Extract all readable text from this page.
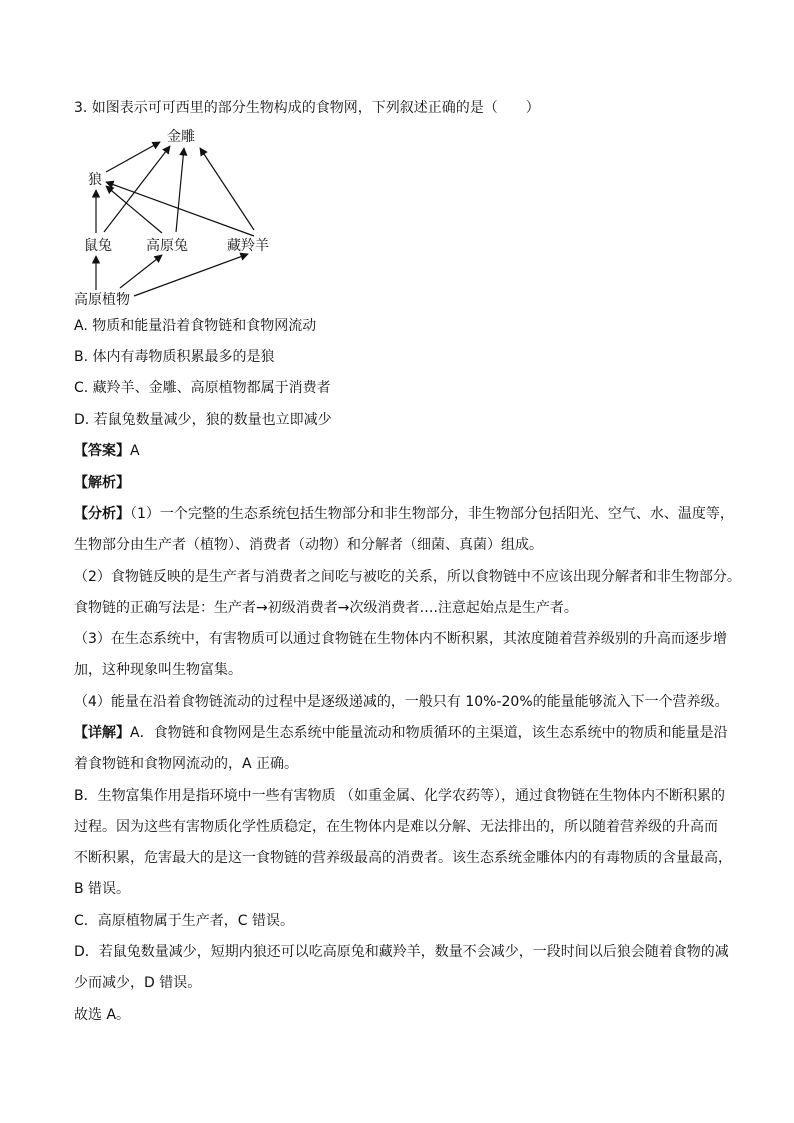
3. 如图表示可可西里的部分生物构成的食物网，下列叙述正确的是（　　）
金雕
狼
鼠兔 高原兔	藏羚羊
高原植物
A. 物质和能量沿着食物链和食物网流动
B. 体内有毒物质积累最多的是狼
C. 藏羚羊、金雕、高原植物都属于消费者
D. 若鼠兔数量减少，狼的数量也立即减少
【答案】A
【解析】
【分析】（1）一个完整的生态系统包括生物部分和非生物部分，非生物部分包括阳光、空气、水、温度等，
生物部分由生产者（植物）、消费者（动物）和分解者（细菌、真菌）组成。
（2）食物链反映的是生产者与消费者之间吃与被吃的关系，所以食物链中不应该出现分解者和非生物部分。
食物链的正确写法是：生产者→初级消费者→次级消费者….注意起始点是生产者。
（3）在生态系统中，有害物质可以通过食物链在生物体内不断积累，其浓度随着营养级别的升高而逐步增
加，这种现象叫生物富集。
（4）能量在沿着食物链流动的过程中是逐级递减的，一般只有 10%-20%的能量能够流入下一个营养级。
【详解】A．食物链和食物网是生态系统中能量流动和物质循环的主渠道，该生态系统中的物质和能量是沿
着食物链和食物网流动的，A 正确。
B．生物富集作用是指环境中一些有害物质 （如重金属、化学农药等），通过食物链在生物体内不断积累的
过程。因为这些有害物质化学性质稳定，在生物体内是难以分解、无法排出的，所以随着营养级的升高而
不断积累，危害最大的是这一食物链的营养级最高的消费者。该生态系统金雕体内的有毒物质的含量最高，
B 错误。
C．高原植物属于生产者，C 错误。
D．若鼠兔数量减少，短期内狼还可以吃高原兔和藏羚羊，数量不会减少，一段时间以后狼会随着食物的减
少而减少，D 错误。
故选 A。
